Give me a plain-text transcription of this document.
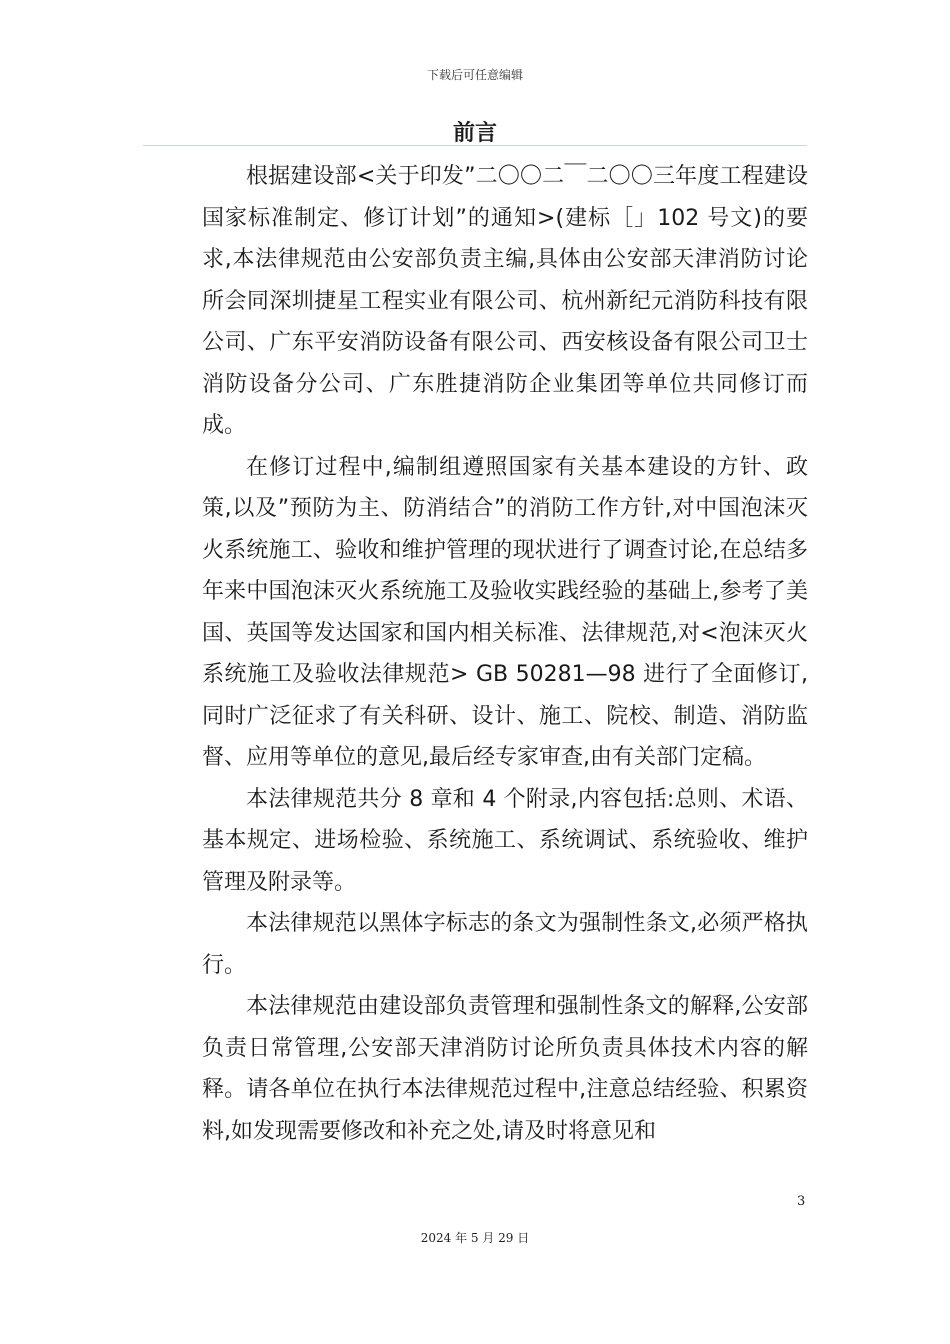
下载后可任意编辑
前言

根据建设部<关于印发”二〇〇二￣二〇〇三年度工程建设国家标准制定、修订计划”的通知>(建标［」102 号文)的要求,本法律规范由公安部负责主编,具体由公安部天津消防讨论所会同深圳捷星工程实业有限公司、杭州新纪元消防科技有限公司、广东平安消防设备有限公司、西安核设备有限公司卫士消防设备分公司、广东胜捷消防企业集团等单位共同修订而成。

在修订过程中,编制组遵照国家有关基本建设的方针、政策,以及”预防为主、防消结合”的消防工作方针,对中国泡沫灭火系统施工、验收和维护管理的现状进行了调查讨论,在总结多年来中国泡沫灭火系统施工及验收实践经验的基础上,参考了美国、英国等发达国家和国内相关标准、法律规范,对<泡沫灭火系统施工及验收法律规范> GB 50281—98 进行了全面修订,同时广泛征求了有关科研、设计、施工、院校、制造、消防监督、应用等单位的意见,最后经专家审查,由有关部门定稿。

本法律规范共分 8 章和 4 个附录,内容包括:总则、术语、基本规定、进场检验、系统施工、系统调试、系统验收、维护管理及附录等。

本法律规范以黑体字标志的条文为强制性条文,必须严格执行。

本法律规范由建设部负责管理和强制性条文的解释,公安部负责日常管理,公安部天津消防讨论所负责具体技术内容的解释。请各单位在执行本法律规范过程中,注意总结经验、积累资料,如发现需要修改和补充之处,请及时将意见和

3
2024 年 5 月 29 日
